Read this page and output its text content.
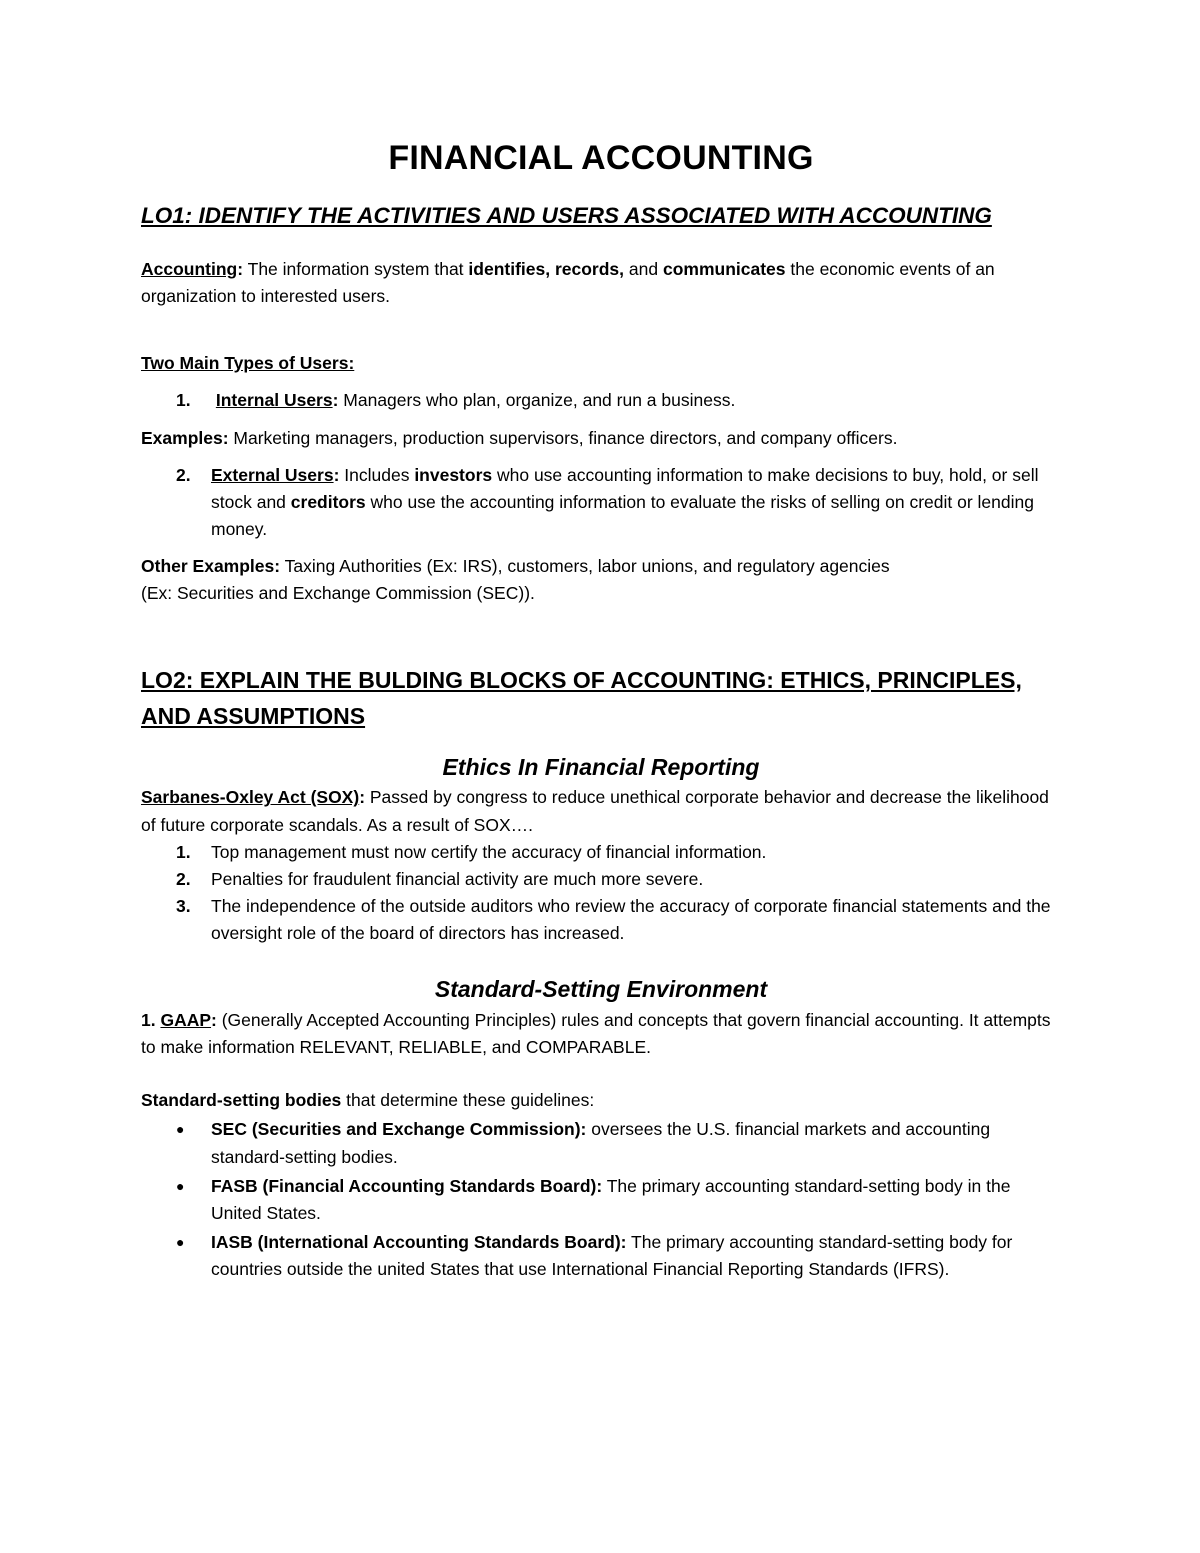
FINANCIAL ACCOUNTING
LO1: IDENTIFY THE ACTIVITIES AND USERS ASSOCIATED WITH ACCOUNTING

Accounting: The information system that identifies, records, and communicates the economic events of an organization to interested users.

Two Main Types of Users:

1.	Internal Users: Managers who plan, organize, and run a business.

Examples: Marketing managers, production supervisors, finance directors, and company officers.

2.	External Users: Includes investors who use accounting information to make decisions to buy, hold, or sell stock and creditors who use the accounting information to evaluate the risks of selling on credit or lending money.

Other Examples: Taxing Authorities (Ex: IRS), customers, labor unions, and regulatory agencies
(Ex: Securities and Exchange Commission (SEC)).

LO2: EXPLAIN THE BULDING BLOCKS OF ACCOUNTING: ETHICS, PRINCIPLES, AND ASSUMPTIONS
Ethics In Financial Reporting

Sarbanes-Oxley Act (SOX): Passed by congress to reduce unethical corporate behavior and decrease the likelihood of future corporate scandals. As a result of SOX….

1.	Top management must now certify the accuracy of financial information.
2.	Penalties for fraudulent financial activity are much more severe.
3.	The independence of the outside auditors who review the accuracy of corporate financial statements and the oversight role of the board of directors has increased.
Standard-Setting Environment

1. GAAP: (Generally Accepted Accounting Principles) rules and concepts that govern financial accounting. It attempts to make information RELEVANT, RELIABLE, and COMPARABLE.

Standard-setting bodies that determine these guidelines:

●	SEC (Securities and Exchange Commission): oversees the U.S. financial markets and accounting standard-setting bodies.
●	FASB (Financial Accounting Standards Board): The primary accounting standard-setting body in the United States.
●	IASB (International Accounting Standards Board): The primary accounting standard-setting body for countries outside the united States that use International Financial Reporting Standards (IFRS).
